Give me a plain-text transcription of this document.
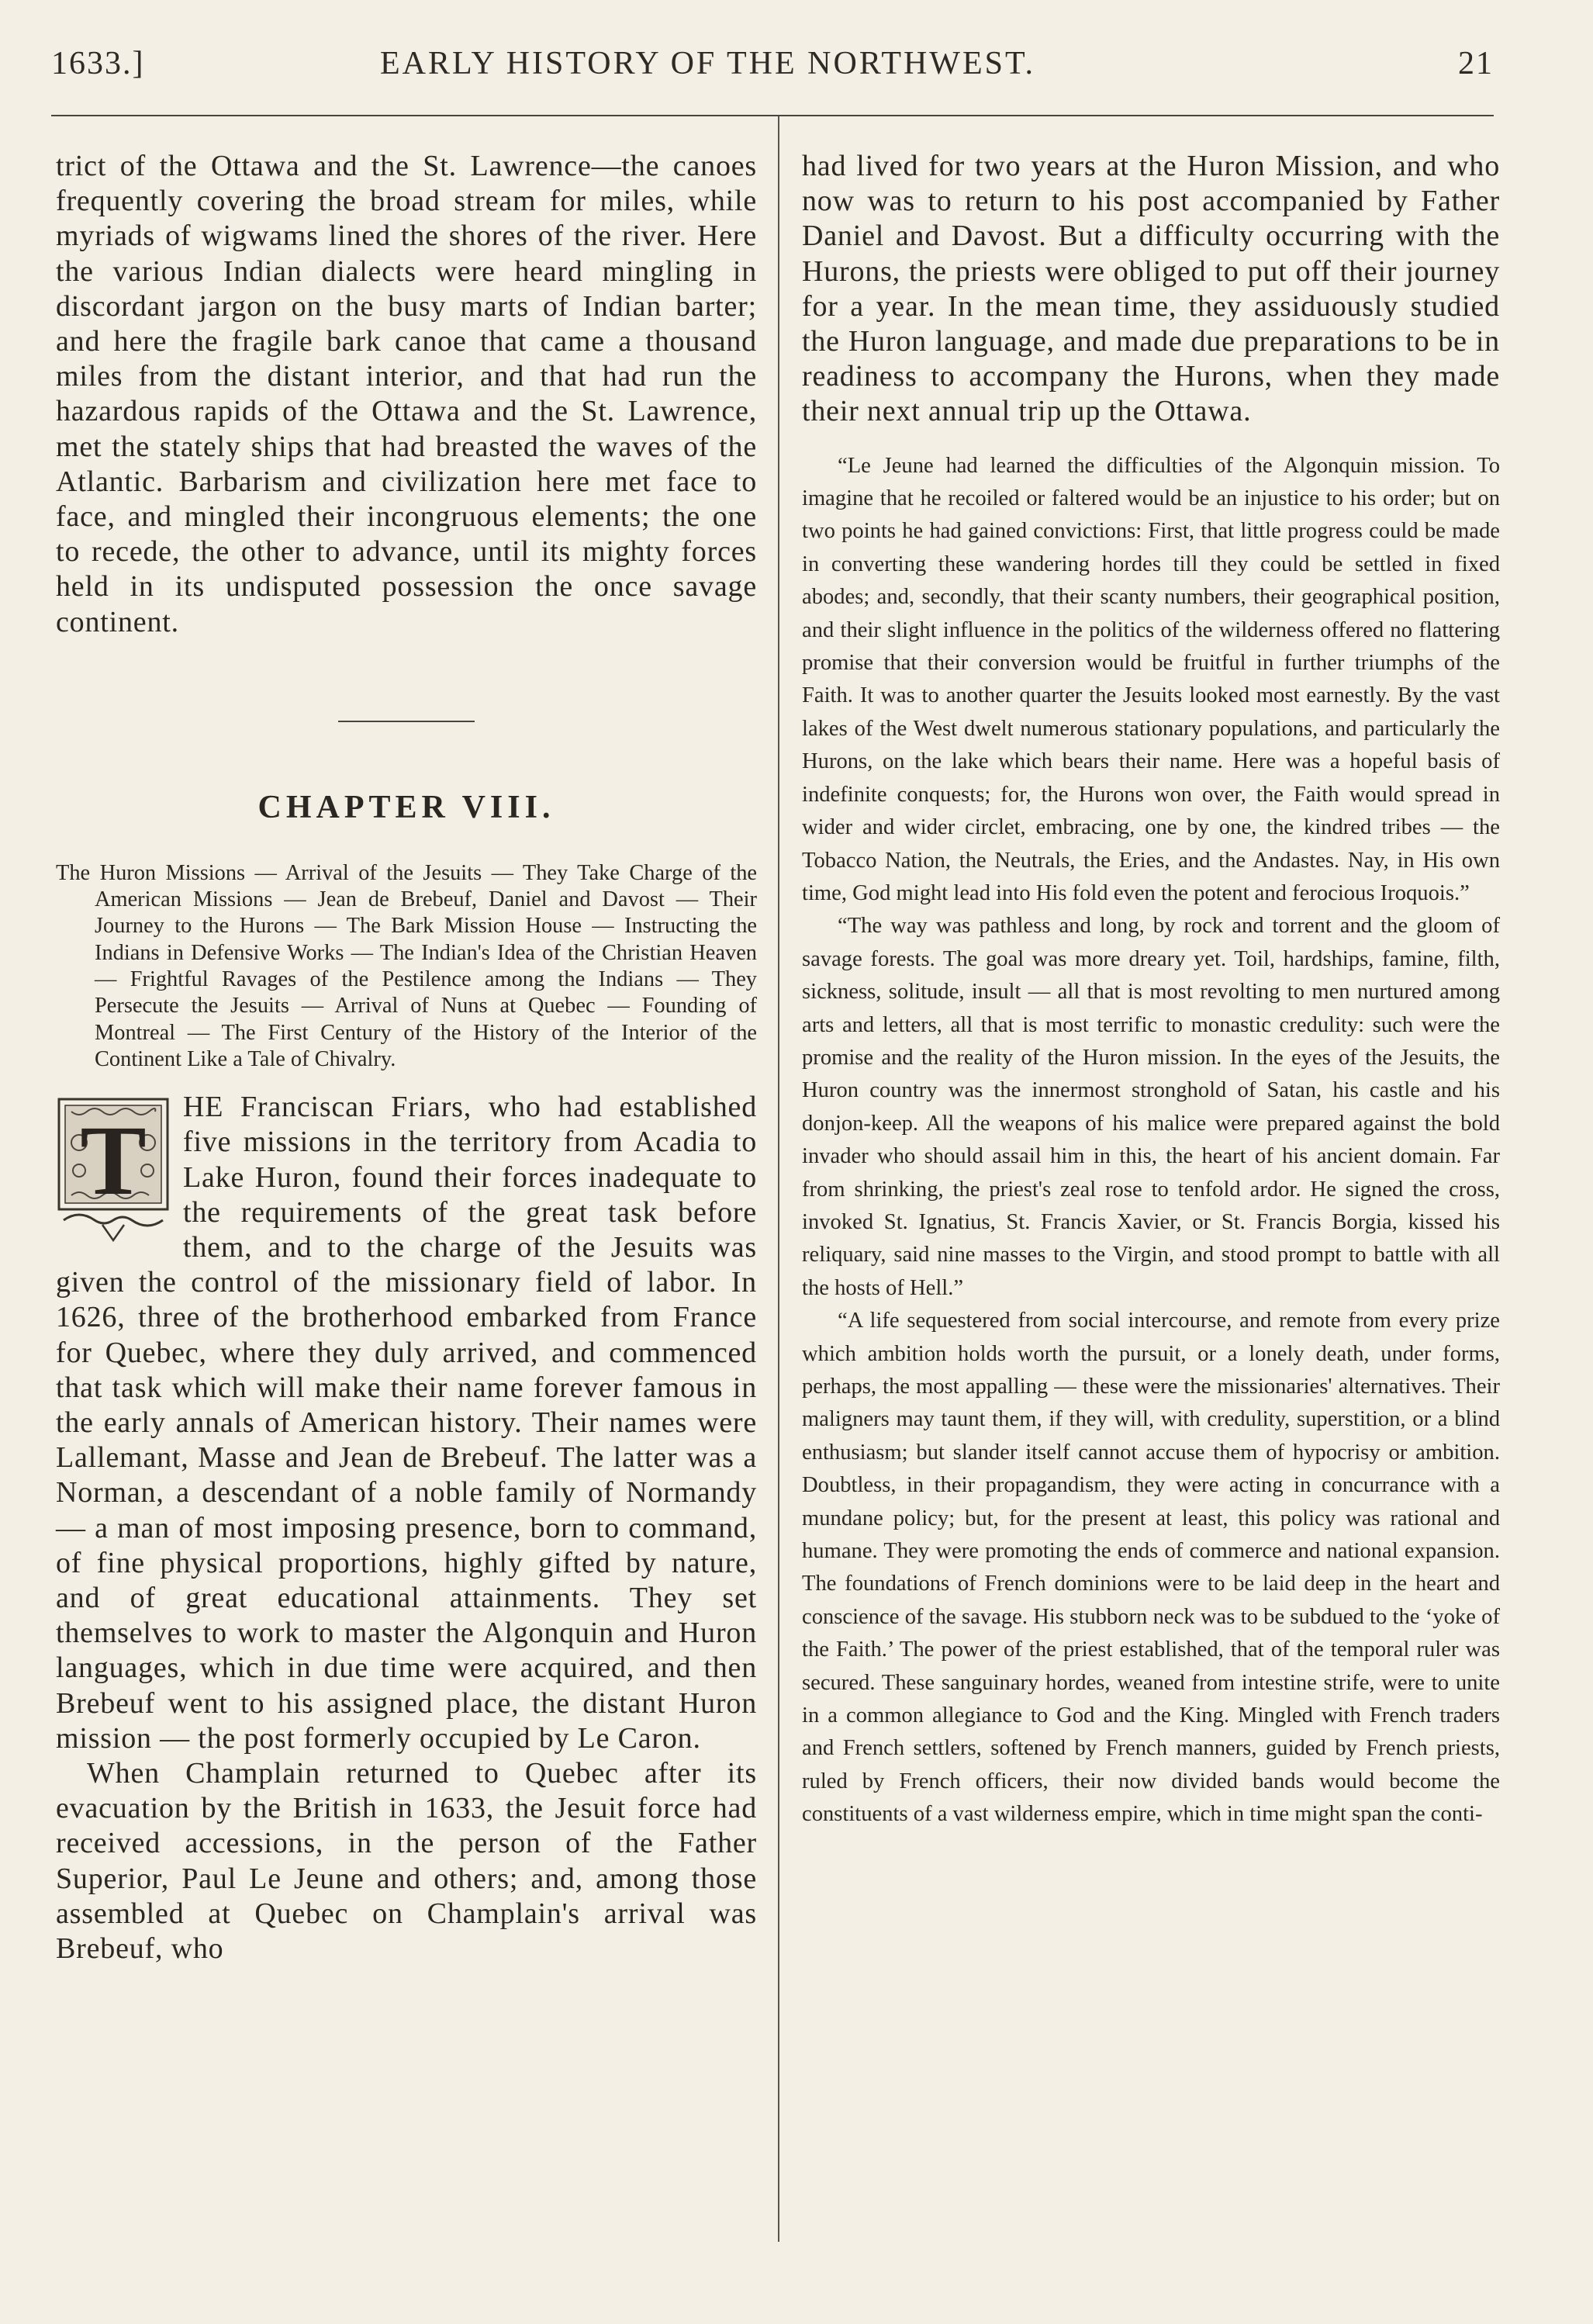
1633.]	EARLY HISTORY OF THE NORTHWEST.	21

trict of the Ottawa and the St. Lawrence—the canoes frequently covering the broad stream for miles, while myriads of wigwams lined the shores of the river. Here the various Indian dialects were heard mingling in discordant jargon on the busy marts of Indian barter; and here the fragile bark canoe that came a thousand miles from the distant interior, and that had run the hazardous rapids of the Ottawa and the St. Lawrence, met the stately ships that had breasted the waves of the Atlantic. Barbarism and civilization here met face to face, and mingled their incongruous elements; the one to recede, the other to advance, until its mighty forces held in its undisputed possession the once savage continent.

CHAPTER VIII.

The Huron Missions — Arrival of the Jesuits — They Take Charge of the American Missions — Jean de Brebeuf, Daniel and Davost — Their Journey to the Hurons — The Bark Mission House — Instructing the Indians in Defensive Works — The Indian's Idea of the Christian Heaven — Frightful Ravages of the Pestilence among the Indians — They Persecute the Jesuits — Arrival of Nuns at Quebec — Founding of Montreal — The First Century of the History of the Interior of the Continent Like a Tale of Chivalry.

T	HE Franciscan Friars, who had established five missions in the territory from Acadia to Lake Huron, found their forces inadequate to the requirements of the great task before them, and to the charge of the Jesuits was given the control of the missionary field of labor. In 1626, three of the brotherhood embarked from France for Quebec, where they duly arrived, and commenced that task which will make their name forever famous in the early annals of American history. Their names were Lallemant, Masse and Jean de Brebeuf. The latter was a Norman, a descendant of a noble family of Normandy — a man of most imposing presence, born to command, of fine physical proportions, highly gifted by nature, and of great educational attainments. They set themselves to work to master the Algonquin and Huron languages, which in due time were acquired, and then Brebeuf went to his assigned place, the distant Huron mission — the post formerly occupied by Le Caron.

When Champlain returned to Quebec after its evacuation by the British in 1633, the Jesuit force had received accessions, in the person of the Father Superior, Paul Le Jeune and others; and, among those assembled at Quebec on Champlain's arrival was Brebeuf, who

had lived for two years at the Huron Mission, and who now was to return to his post accompanied by Father Daniel and Davost. But a difficulty occurring with the Hurons, the priests were obliged to put off their journey for a year. In the mean time, they assiduously studied the Huron language, and made due preparations to be in readiness to accompany the Hurons, when they made their next annual trip up the Ottawa.

“Le Jeune had learned the difficulties of the Algonquin mission. To imagine that he recoiled or faltered would be an injustice to his order; but on two points he had gained convictions: First, that little progress could be made in converting these wandering hordes till they could be settled in fixed abodes; and, secondly, that their scanty numbers, their geographical position, and their slight influence in the politics of the wilderness offered no flattering promise that their conversion would be fruitful in further triumphs of the Faith. It was to another quarter the Jesuits looked most earnestly. By the vast lakes of the West dwelt numerous stationary populations, and particularly the Hurons, on the lake which bears their name. Here was a hopeful basis of indefinite conquests; for, the Hurons won over, the Faith would spread in wider and wider circlet, embracing, one by one, the kindred tribes — the Tobacco Nation, the Neutrals, the Eries, and the Andastes. Nay, in His own time, God might lead into His fold even the potent and ferocious Iroquois.”

“The way was pathless and long, by rock and torrent and the gloom of savage forests. The goal was more dreary yet. Toil, hardships, famine, filth, sickness, solitude, insult — all that is most revolting to men nurtured among arts and letters, all that is most terrific to monastic credulity: such were the promise and the reality of the Huron mission. In the eyes of the Jesuits, the Huron country was the innermost stronghold of Satan, his castle and his donjon-keep. All the weapons of his malice were prepared against the bold invader who should assail him in this, the heart of his ancient domain. Far from shrinking, the priest's zeal rose to tenfold ardor. He signed the cross, invoked St. Ignatius, St. Francis Xavier, or St. Francis Borgia, kissed his reliquary, said nine masses to the Virgin, and stood prompt to battle with all the hosts of Hell.”

“A life sequestered from social intercourse, and remote from every prize which ambition holds worth the pursuit, or a lonely death, under forms, perhaps, the most appalling — these were the missionaries' alternatives. Their maligners may taunt them, if they will, with credulity, superstition, or a blind enthusiasm; but slander itself cannot accuse them of hypocrisy or ambition. Doubtless, in their propagandism, they were acting in concurrance with a mundane policy; but, for the present at least, this policy was rational and humane. They were promoting the ends of commerce and national expansion. The foundations of French dominions were to be laid deep in the heart and conscience of the savage. His stubborn neck was to be subdued to the ‘yoke of the Faith.’ The power of the priest established, that of the temporal ruler was secured. These sanguinary hordes, weaned from intestine strife, were to unite in a common allegiance to God and the King. Mingled with French traders and French settlers, softened by French manners, guided by French priests, ruled by French officers, their now divided bands would become the constituents of a vast wilderness empire, which in time might span the conti-
